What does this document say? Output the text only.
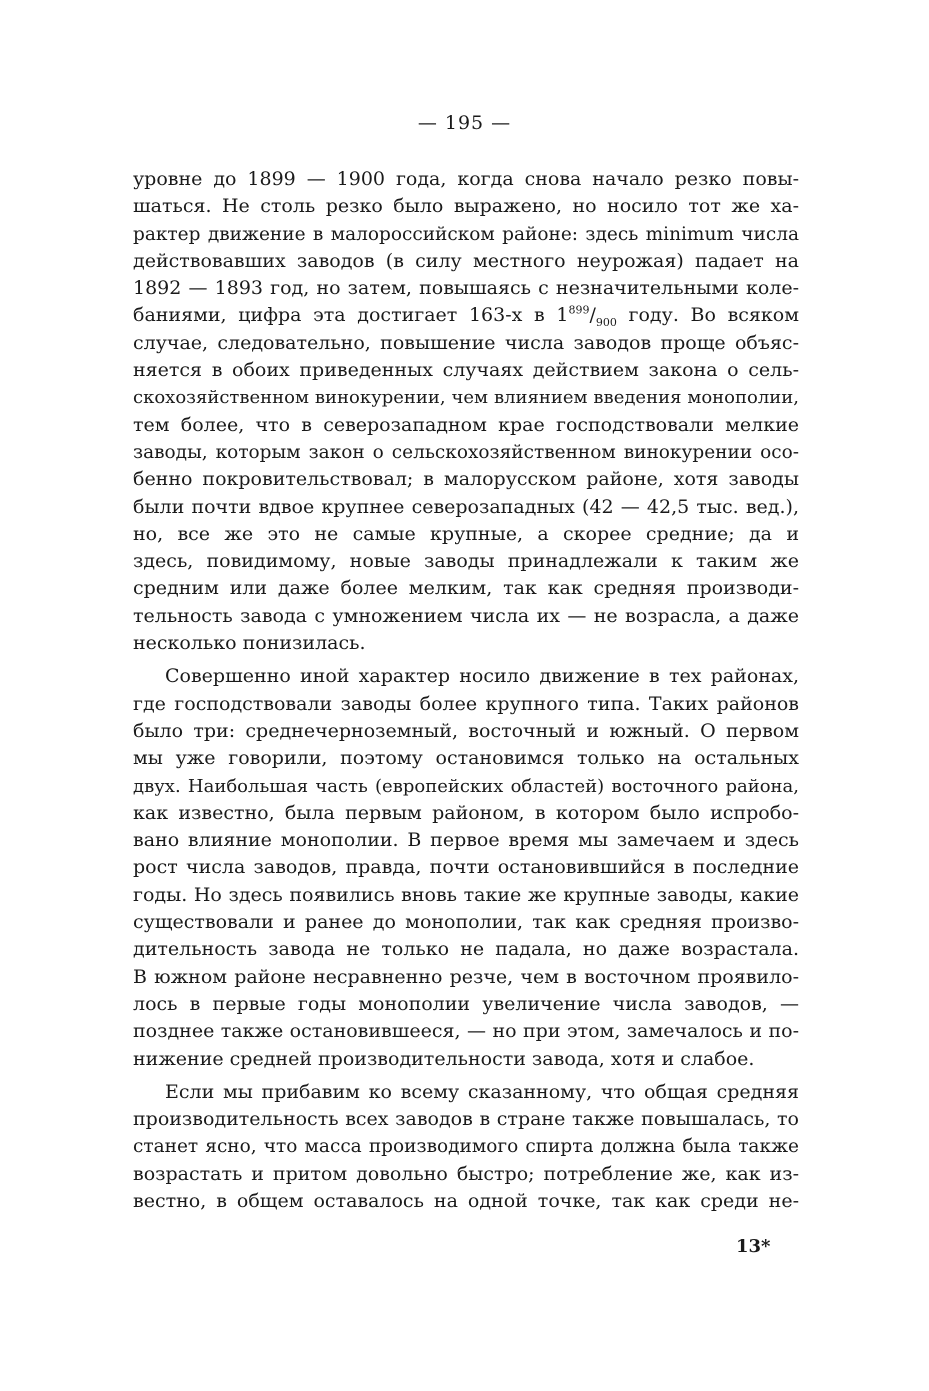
— 195 —
уровне до 1899 — 1900 года, когда снова начало резко повы-
шаться. Не столь резко было выражено, но носило тот же ха-
рактер движение в малороссийском районе: здесь minimum числа
действовавших заводов (в силу местного неурожая) падает на
1892 — 1893 год, но затем, повышаясь с незначительными коле-
баниями, цифра эта достигает 163-х в $1^{899}/_{900}$ году. Во всяком
случае, следовательно, повышение числа заводов проще объяс-
няется в обоих приведенных случаях действием закона о сель-
скохозяйственном винокурении, чем влиянием введения монополии,
тем более, что в северозападном крае господствовали мелкие
заводы, которым закон о сельскохозяйственном винокурении осо-
бенно покровительствовал; в малорусском районе, хотя заводы
были почти вдвое крупнее северозападных (42 — 42,5 тыс. вед.),
но, все же это не самые крупные, а скорее средние; да и
здесь, повидимому, новые заводы принадлежали к таким же
средним или даже более мелким, так как средняя производи-
тельность завода с умножением числа их — не возрасла, а даже
несколько понизилась.
Совершенно иной характер носило движение в тех районах,
где господствовали заводы более крупного типа. Таких районов
было три: среднечерноземный, восточный и южный. О первом
мы уже говорили, поэтому остановимся только на остальных
двух. Наибольшая часть (европейских областей) восточного района,
как известно, была первым районом, в котором было испробо-
вано влияние монополии. В первое время мы замечаем и здесь
рост числа заводов, правда, почти остановившийся в последние
годы. Но здесь появились вновь такие же крупные заводы, какие
существовали и ранее до монополии, так как средняя произво-
дительность завода не только не падала, но даже возрастала.
В южном районе несравненно резче, чем в восточном проявило-
лось в первые годы монополии увеличение числа заводов, —
позднее также остановившееся, — но при этом, замечалось и по-
нижение средней производительности завода, хотя и слабое.
Если мы прибавим ко всему сказанному, что общая средняя
производительность всех заводов в стране также повышалась, то
станет ясно, что масса производимого спирта должна была также
возрастать и притом довольно быстро; потребление же, как из-
вестно, в общем оставалось на одной точке, так как среди не-
13*
